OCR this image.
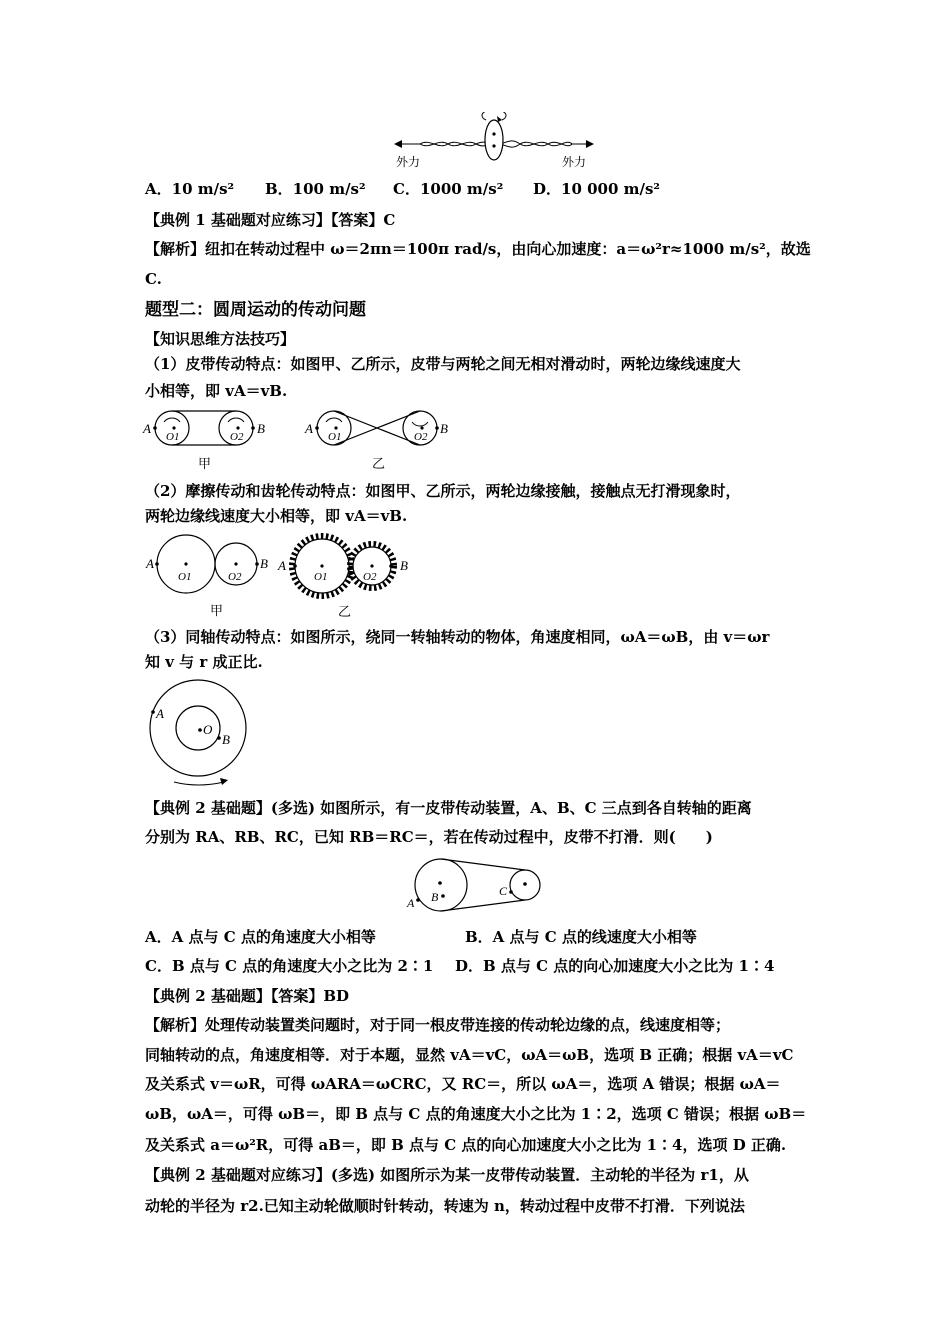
外力	外力
A．10 m/s² B．100 m/s² C．1000 m/s² D．10 000 m/s²
【典例 1 基础题对应练习】【答案】C
【解析】纽扣在转动过程中 ω＝2πn＝100π rad/s，由向心加速度：a＝ω²r≈1000 m/s²，故选
C.
题型二：圆周运动的传动问题
【知识思维方法技巧】
（1）皮带传动特点：如图甲、乙所示，皮带与两轮之间无相对滑动时，两轮边缘线速度大
小相等，即 vA＝vB.
A	B
O1	O2
甲
A	B
O1	O2
乙
（2）摩擦传动和齿轮传动特点：如图甲、乙所示，两轮边缘接触，接触点无打滑现象时，
两轮边缘线速度大小相等，即 vA＝vB.
A	B
O1	O2
甲
A	B
O1	O2
乙
（3）同轴传动特点：如图所示，绕同一转轴转动的物体，角速度相同，ωA＝ωB，由 v＝ωr
知 v 与 r 成正比.
A
O
B
【典例 2 基础题】(多选) 如图所示，有一皮带传动装置，A、B、C 三点到各自转轴的距离
分别为 RA、RB、RC，已知 RB＝RC＝，若在传动过程中，皮带不打滑．则(　　)
A B	C
A．A 点与 C 点的角速度大小相等	B．A 点与 C 点的线速度大小相等
C．B 点与 C 点的角速度大小之比为 2∶1 D．B 点与 C 点的向心加速度大小之比为 1∶4
【典例 2 基础题】【答案】BD
【解析】处理传动装置类问题时，对于同一根皮带连接的传动轮边缘的点，线速度相等；
同轴转动的点，角速度相等．对于本题，显然 vA＝vC，ωA＝ωB，选项 B 正确；根据 vA＝vC
及关系式 v＝ωR，可得 ωARA＝ωCRC，又 RC＝，所以 ωA＝，选项 A 错误；根据 ωA＝
ωB，ωA＝，可得 ωB＝，即 B 点与 C 点的角速度大小之比为 1∶2，选项 C 错误；根据 ωB＝
及关系式 a＝ω²R，可得 aB＝，即 B 点与 C 点的向心加速度大小之比为 1∶4，选项 D 正确.
【典例 2 基础题对应练习】(多选) 如图所示为某一皮带传动装置．主动轮的半径为 r1，从
动轮的半径为 r2.已知主动轮做顺时针转动，转速为 n，转动过程中皮带不打滑．下列说法
